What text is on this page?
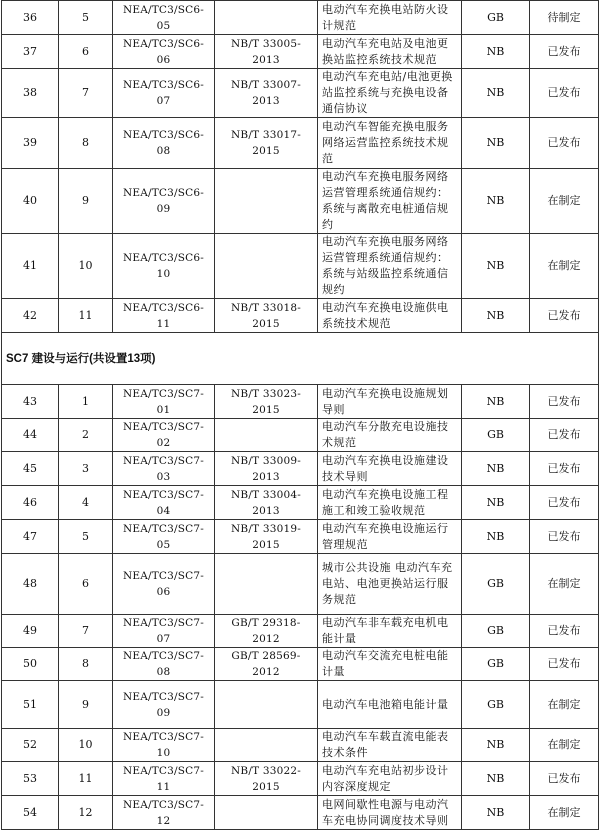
36	5	NEA/TC3/SC6-05		电动汽车充换电站防火设计规范	GB	待制定
37	6	NEA/TC3/SC6-06	NB/T 33005-2013	电动汽车充电站及电池更换站监控系统技术规范	NB	已发布
38	7	NEA/TC3/SC6-07	NB/T 33007-2013	电动汽车充电站/电池更换站监控系统与充换电设备通信协议	NB	已发布
39	8	NEA/TC3/SC6-08	NB/T 33017-2015	电动汽车智能充换电服务网络运营监控系统技术规范	NB	已发布
40	9	NEA/TC3/SC6-09		电动汽车充换电服务网络运营管理系统通信规约：系统与离散充电桩通信规约	NB	在制定
41	10	NEA/TC3/SC6-10		电动汽车充换电服务网络运营管理系统通信规约：系统与站级监控系统通信规约	NB	在制定
42	11	NEA/TC3/SC6-11	NB/T 33018-2015	电动汽车充换电设施供电系统技术规范	NB	已发布
SC7 建设与运行(共设置13项)						
43	1	NEA/TC3/SC7-01	NB/T 33023-2015	电动汽车充换电设施规划导则	NB	已发布
44	2	NEA/TC3/SC7-02		电动汽车分散充电设施技术规范	GB	已发布
45	3	NEA/TC3/SC7-03	NB/T 33009-2013	电动汽车充换电设施建设技术导则	NB	已发布
46	4	NEA/TC3/SC7-04	NB/T 33004-2013	电动汽车充换电设施工程施工和竣工验收规范	NB	已发布
47	5	NEA/TC3/SC7-05	NB/T 33019-2015	电动汽车充换电设施运行管理规范	NB	已发布
48	6	NEA/TC3/SC7-06		城市公共设施 电动汽车充电站、电池更换站运行服务规范	GB	在制定
49	7	NEA/TC3/SC7-07	GB/T 29318-2012	电动汽车非车载充电机电能计量	GB	已发布
50	8	NEA/TC3/SC7-08	GB/T 28569-2012	电动汽车交流充电桩电能计量	GB	已发布
51	9	NEA/TC3/SC7-09		电动汽车电池箱电能计量	GB	在制定
52	10	NEA/TC3/SC7-10		电动汽车车载直流电能表技术条件	NB	在制定
53	11	NEA/TC3/SC7-11	NB/T 33022-2015	电动汽车充电站初步设计内容深度规定	NB	已发布
54	12	NEA/TC3/SC7-12		电网间歇性电源与电动汽车充电协同调度技术导则	NB	在制定
